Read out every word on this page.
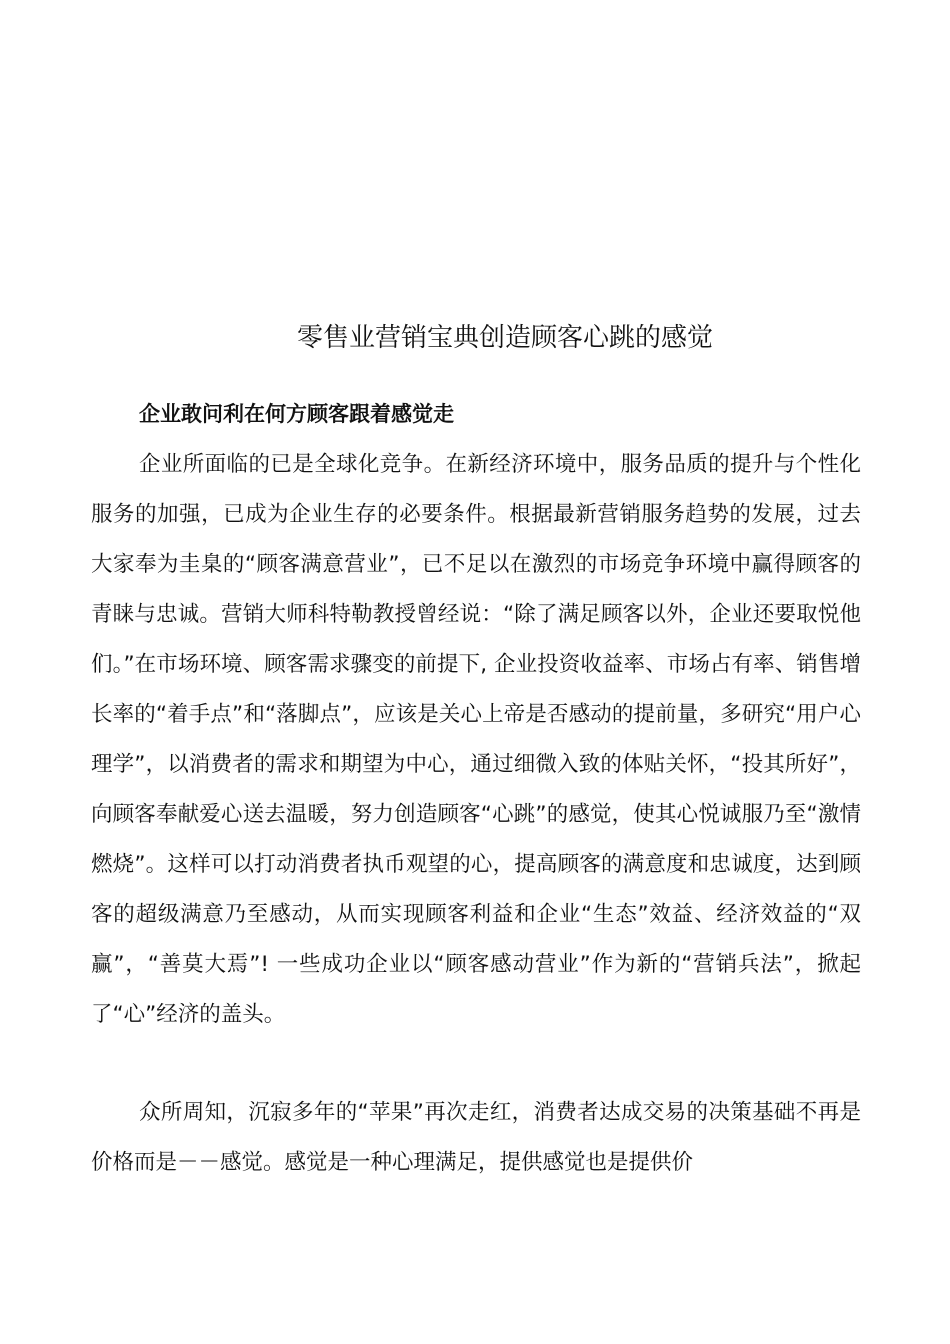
零售业营销宝典创造顾客心跳的感觉
企业敢问利在何方顾客跟着感觉走

企业所面临的已是全球化竞争。在新经济环境中，服务品质的提升与个性化服务的加强，已成为企业生存的必要条件。根据最新营销服务趋势的发展，过去大家奉为圭臬的“顾客满意营业”，已不足以在激烈的市场竞争环境中赢得顾客的青睐与忠诚。营销大师科特勒教授曾经说：“除了满足顾客以外，企业还要取悦他们。”在市场环境、顾客需求骤变的前提下, 企业投资收益率、市场占有率、销售增长率的“着手点”和“落脚点”，应该是关心上帝是否感动的提前量，多研究“用户心理学”，以消费者的需求和期望为中心，通过细微入致的体贴关怀，“投其所好”，向顾客奉献爱心送去温暖，努力创造顾客“心跳”的感觉，使其心悦诚服乃至“激情燃烧”。这样可以打动消费者执币观望的心，提高顾客的满意度和忠诚度，达到顾客的超级满意乃至感动，从而实现顾客利益和企业“生态”效益、经济效益的“双赢”，“善莫大焉”! 一些成功企业以“顾客感动营业”作为新的“营销兵法”，掀起了“心”经济的盖头。

众所周知，沉寂多年的“苹果”再次走红，消费者达成交易的决策基础不再是价格而是－－感觉。感觉是一种心理满足，提供感觉也是提供价
